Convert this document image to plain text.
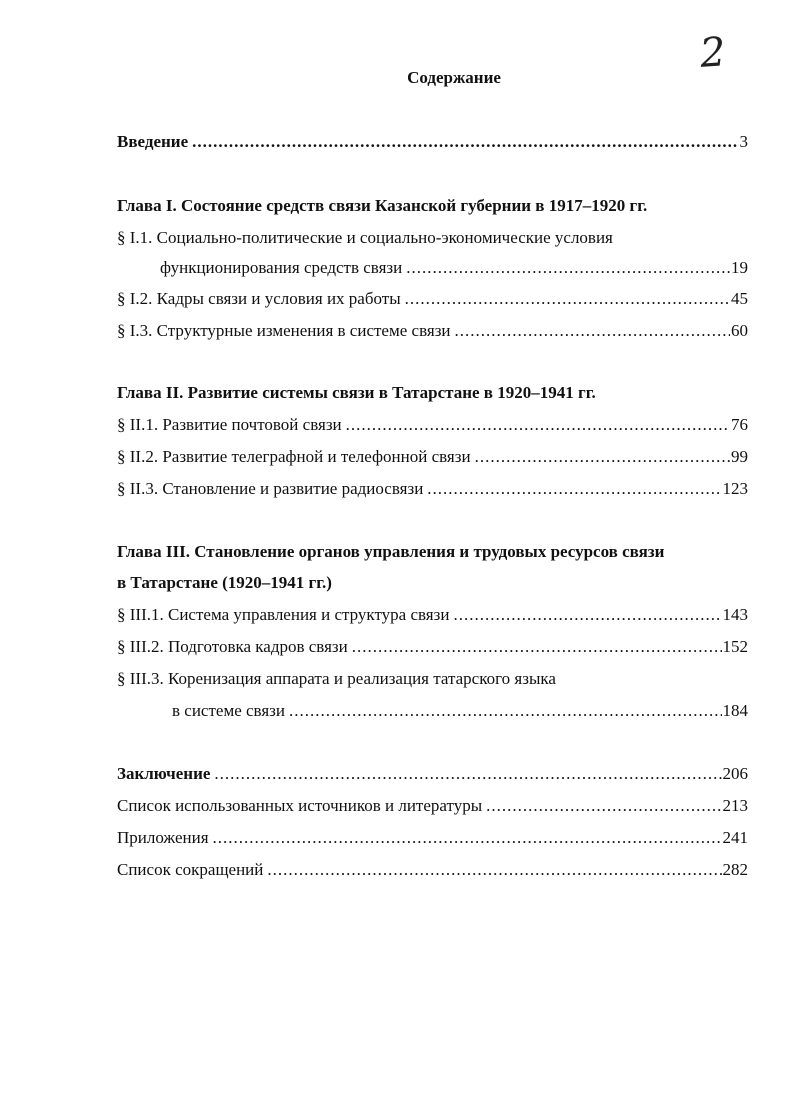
2
Содержание
Введение .....	3
Глава I. Состояние средств связи Казанской губернии в 1917–1920 гг.
§ I.1. Социально-политические и социально-экономические условия
функционирования средств связи .....	19
§ I.2. Кадры связи и условия их работы .....	45
§ I.3. Структурные изменения в системе связи .....	60
Глава II. Развитие системы связи в Татарстане в 1920–1941 гг.
§ II.1. Развитие почтовой связи .....	76
§ II.2. Развитие телеграфной и телефонной связи .....	99
§ II.3. Становление и развитие радиосвязи .....	123
Глава III. Становление органов управления и трудовых ресурсов связи
в Татарстане (1920–1941 гг.)
§ III.1. Система управления и структура связи .....	143
§ III.2. Подготовка кадров связи .....	152
§ III.3. Коренизация аппарата и реализация татарского языка
в системе связи .....	184
Заключение .....	206
Список использованных источников и литературы .....	213
Приложения .....	241
Список сокращений .....	282
